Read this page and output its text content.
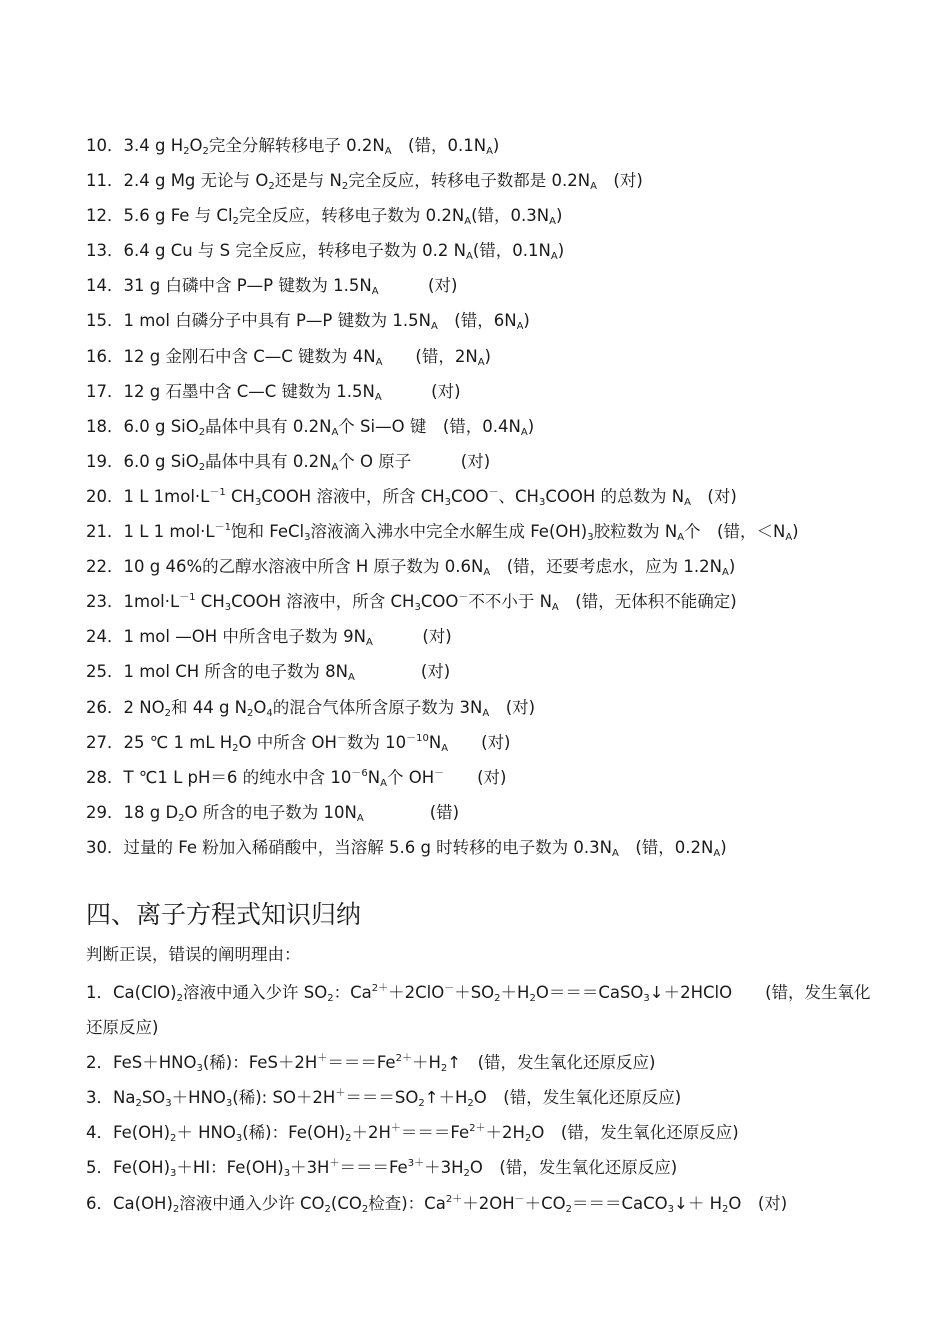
10．3.4 g $H_2O_2$完全分解转移电子 $0.2N_A$　(错，$0.1N_A$)
11．2.4 g Mg 无论与 $O_2$还是与 $N_2$完全反应，转移电子数都是 $0.2N_A$　(对)
12．5.6 g Fe 与 $Cl_2$完全反应，转移电子数为 $0.2N_A$(错，$0.3N_A$)
13．6.4 g Cu 与 S 完全反应，转移电子数为 0.2 $N_A$(错，$0.1N_A$)
14．31 g 白磷中含 P—P 键数为 $1.5N_A$　　　(对)
15．1 mol 白磷分子中具有 P—P 键数为 $1.5N_A$　(错，$6N_A$)
16．12 g 金刚石中含 C—C 键数为 $4N_A$　　(错，$2N_A$)
17．12 g 石墨中含 C—C 键数为 $1.5N_A$　　　(对)
18．6.0 g SiO$_2$晶体中具有 $0.2N_A$个 Si—O 键　(错，$0.4N_A$)
19．6.0 g SiO$_2$晶体中具有 $0.2N_A$个 O 原子　　　(对)
20．1 L $1mol\cdot L^{-1}$ $CH_3COOH$ 溶液中，所含 $CH_3COO^-$、$CH_3COOH$ 的总数为 $N_A$　(对)
21．1 L 1 $mol\cdot L^{-1}$饱和 FeCl$_3$溶液滴入沸水中完全水解生成 $Fe(OH)_3$胶粒数为 $N_A$个　(错，$<N_A$)
22．10 g 46%的乙醇水溶液中所含 H 原子数为 $0.6N_A$　(错，还要考虑水，应为 $1.2N_A$)
23．$1mol\cdot L^{-1}$ $CH_3COOH$ 溶液中，所含 $CH_3COO^-$不不小于 $N_A$　(错，无体积不能确定)
24．1 mol —OH 中所含电子数为 $9N_A$　　　(对)
25．1 mol CH 所含的电子数为 $8N_A$　　　　(对)
26．2 $NO_2$和 44 g $N_2O_4$的混合气体所含原子数为 $3N_A$　(对)
27．25 ℃ 1 mL $H_2O$ 中所含 OH－数为 $10^{-10}N_A$　　(对)
28．T ℃1 L pH＝6 的纯水中含 $10^{-6}N_A$个 OH－　　(对)
29．18 g $D_2O$ 所含的电子数为 $10N_A$　　　　(错)
30．过量的 Fe 粉加入稀硝酸中，当溶解 5.6 g 时转移的电子数为 $0.3N_A$　(错，$0.2N_A$)
四、离子方程式知识归纳

判断正误，错误的阐明理由：

1．$Ca(ClO)_2$溶液中通入少许 $SO_2$：$Ca^{2+}+2ClO^-+SO_2+H_2O===CaSO_3↓+2HClO$　　(错，发生氧化还原反应)
2．$FeS+HNO_3$(稀)：$FeS+2H^+===Fe^{2+}+H_2↑$　(错，发生氧化还原反应)
3．$Na_2SO_3+HNO_3$(稀): $SO+2H^+===SO_2↑+H_2O$　(错，发生氧化还原反应)
4．$Fe(OH)_2+ HNO_3$(稀)：$Fe(OH)_2+2H^+===Fe^{2+}+2H_2O$　(错，发生氧化还原反应)
5．$Fe(OH)_3+HI$：$Fe(OH)_3+3H^+===Fe^{3+}+3H_2O$　(错，发生氧化还原反应)
6．$Ca(OH)_2$溶液中通入少许 $CO_2(CO_2$检查)：$Ca^{2+}+2OH^-+CO_2===CaCO_3↓+ H_2O$　(对)
